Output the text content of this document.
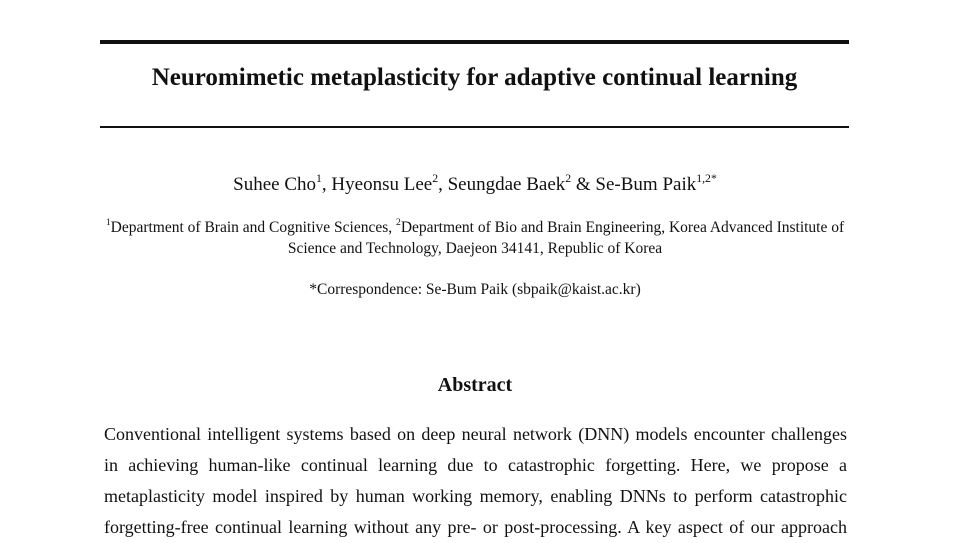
Neuromimetic metaplasticity for adaptive continual learning
Suhee Cho$^1$, Hyeonsu Lee$^2$, Seungdae Baek$^2$ & Se-Bum Paik$^{1,2*}$
$^1$Department of Brain and Cognitive Sciences, $^2$Department of Bio and Brain Engineering, Korea Advanced Institute of Science and Technology, Daejeon 34141, Republic of Korea
*Correspondence: Se-Bum Paik (sbpaik@kaist.ac.kr)
Abstract
Conventional intelligent systems based on deep neural network (DNN) models encounter challenges
in achieving human-like continual learning due to catastrophic forgetting. Here, we propose a
metaplasticity model inspired by human working memory, enabling DNNs to perform catastrophic
forgetting-free continual learning without any pre- or post-processing. A key aspect of our approach
